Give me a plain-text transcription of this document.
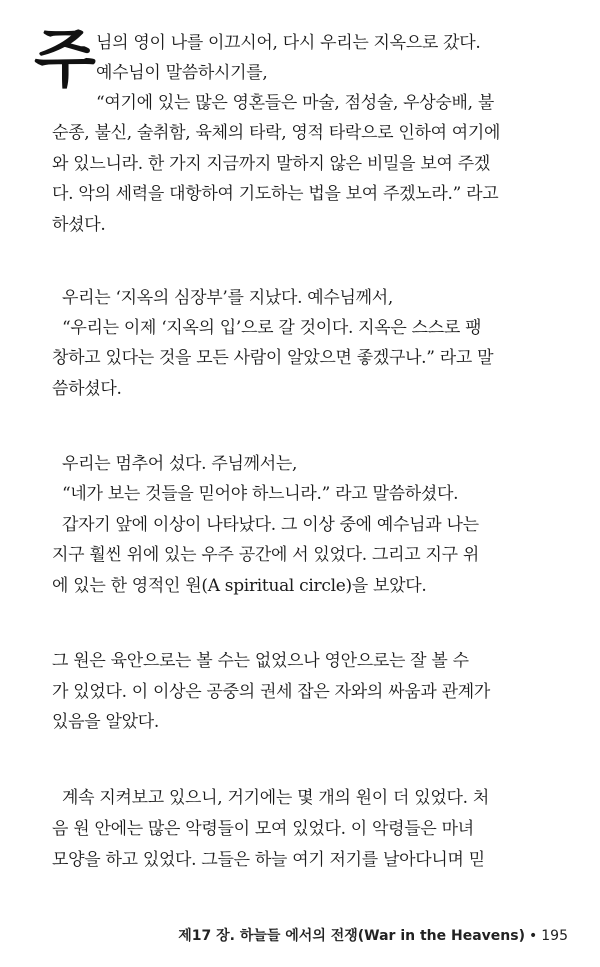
주 님의 영이 나를 이끄시어, 다시 우리는 지옥으로 갔다.
예수님이 말씀하시기를,
“여기에 있는 많은 영혼들은 마술, 점성술, 우상숭배, 불
순종, 불신, 술취함, 육체의 타락, 영적 타락으로 인하여 여기에
와 있느니라. 한 가지 지금까지 말하지 않은 비밀을 보여 주겠
다. 악의 세력을 대항하여 기도하는 법을 보여 주겠노라.” 라고
하셨다.
우리는 ‘지옥의 심장부’를 지났다. 예수님께서,
“우리는 이제 ‘지옥의 입’으로 갈 것이다. 지옥은 스스로 팽
창하고 있다는 것을 모든 사람이 알았으면 좋겠구나.” 라고 말
씀하셨다.
우리는 멈추어 섰다. 주님께서는,
“네가 보는 것들을 믿어야 하느니라.” 라고 말씀하셨다.
갑자기 앞에 이상이 나타났다. 그 이상 중에 예수님과 나는
지구 훨씬 위에 있는 우주 공간에 서 있었다. 그리고 지구 위
에 있는 한 영적인 원(A spiritual circle)을 보았다.
그 원은 육안으로는 볼 수는 없었으나 영안으로는 잘 볼 수
가 있었다. 이 이상은 공중의 권세 잡은 자와의 싸움과 관계가
있음을 알았다.
계속 지켜보고 있으니, 거기에는 몇 개의 원이 더 있었다. 처
음 원 안에는 많은 악령들이 모여 있었다. 이 악령들은 마녀
모양을 하고 있었다. 그들은 하늘 여기 저기를 날아다니며 믿
제17 장. 하늘들 에서의 전쟁(War in the Heavens) • 195
